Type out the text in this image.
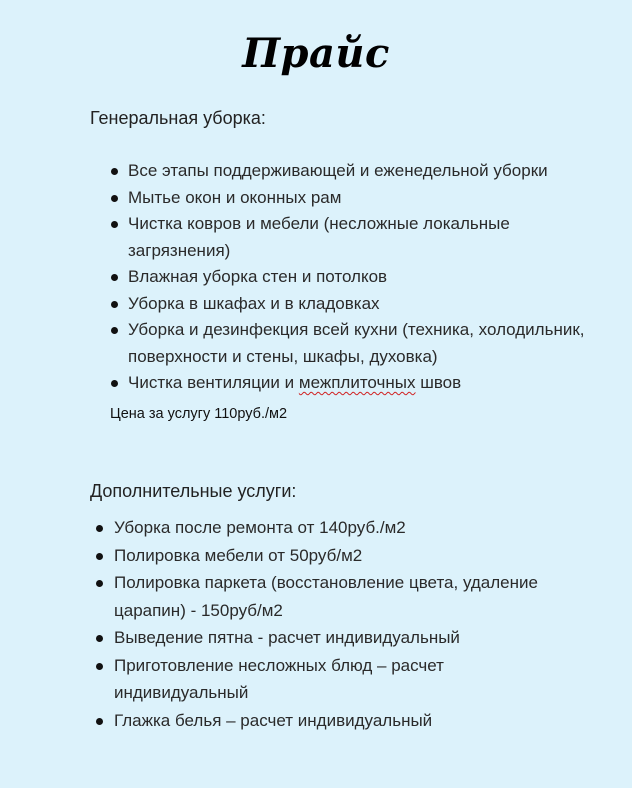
Прайс
Генеральная уборка:
Все этапы поддерживающей и еженедельной уборки
Мытье окон и оконных рам
Чистка ковров и мебели (несложные локальные загрязнения)
Влажная уборка стен и потолков
Уборка в шкафах и в кладовках
Уборка и дезинфекция всей кухни (техника, холодильник, поверхности и стены, шкафы, духовка)
Чистка вентиляции и межплиточных швов
Цена за услугу 110руб./м2
Дополнительные услуги:
Уборка после ремонта от 140руб./м2
Полировка мебели от 50руб/м2
Полировка паркета (восстановление цвета, удаление царапин) - 150руб/м2
Выведение пятна - расчет индивидуальный
Приготовление несложных блюд – расчет индивидуальный
Глажка белья – расчет индивидуальный
